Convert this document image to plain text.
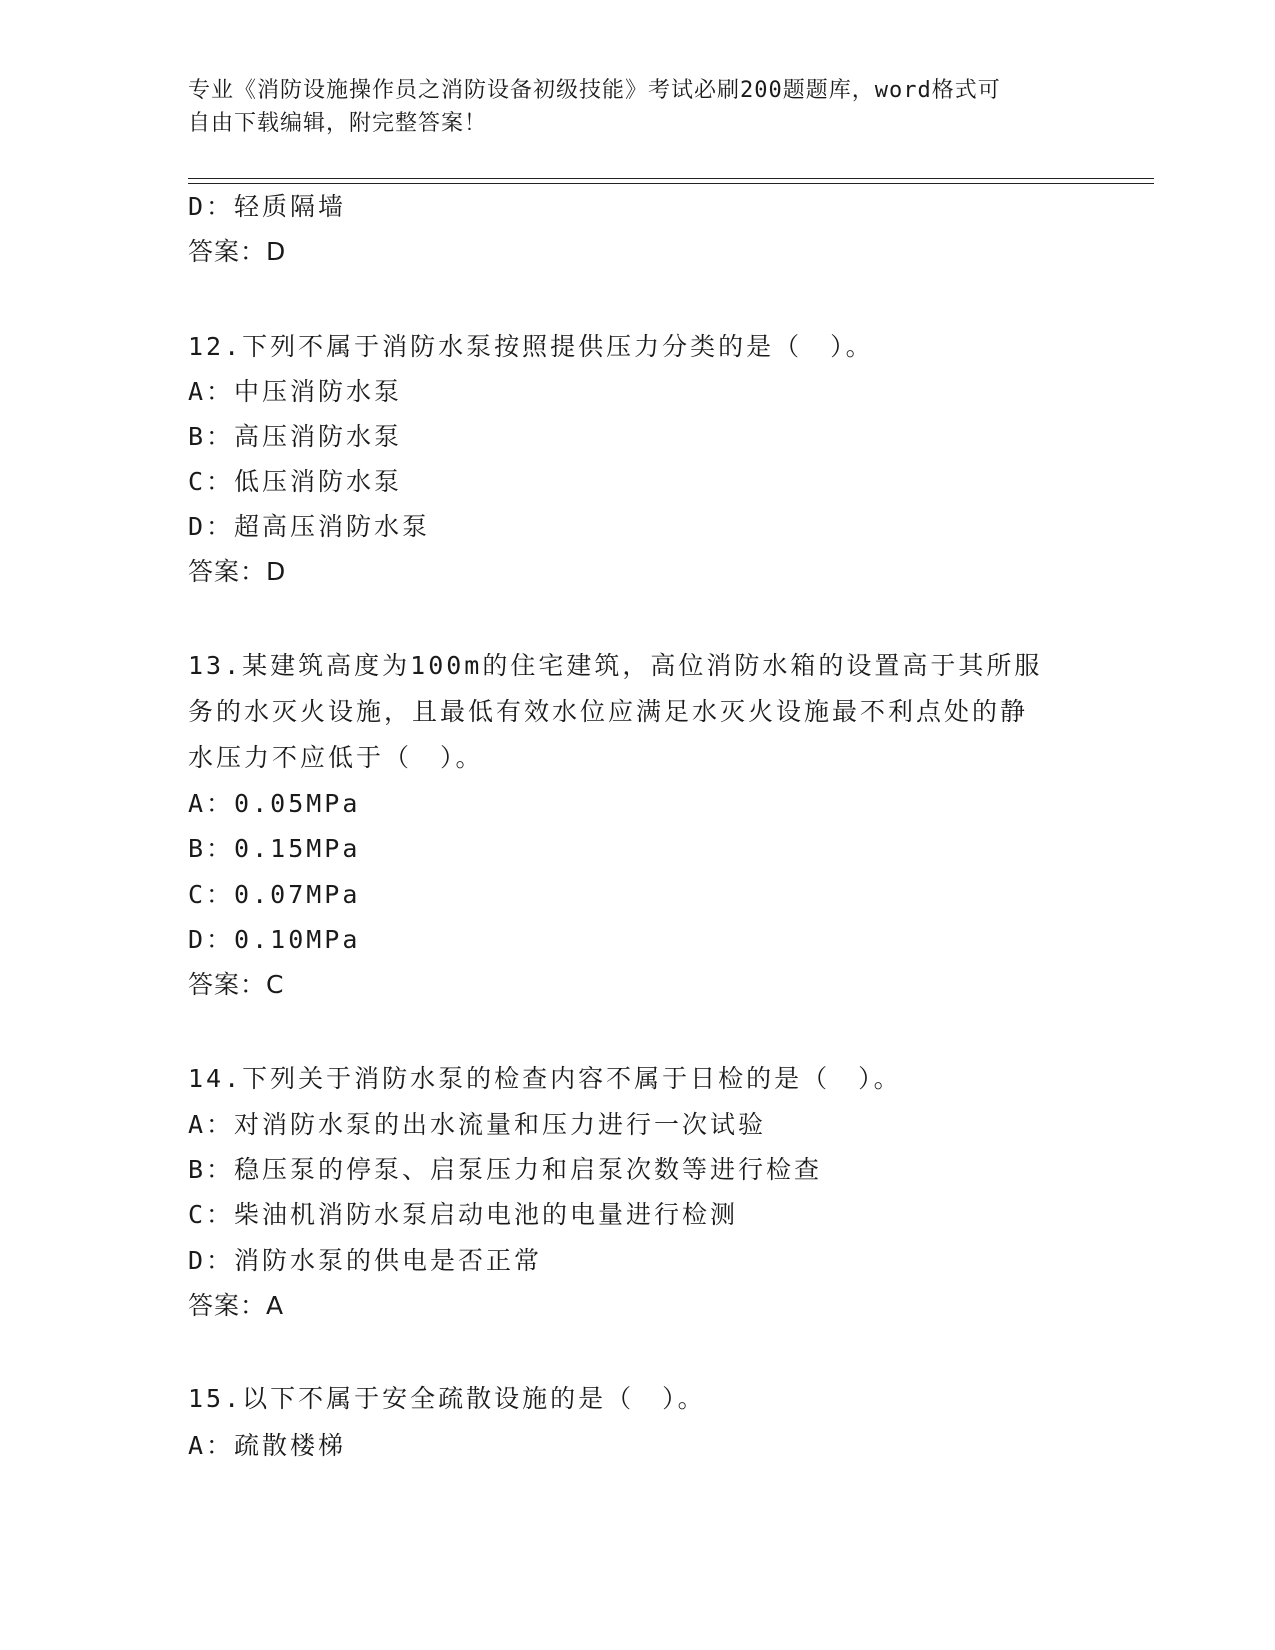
专业《消防设施操作员之消防设备初级技能》考试必刷200题题库，word格式可
自由下载编辑，附完整答案！
D：轻质隔墙
答案：D
12.下列不属于消防水泵按照提供压力分类的是（　）。
A：中压消防水泵
B：高压消防水泵
C：低压消防水泵
D：超高压消防水泵
答案：D
13.某建筑高度为100m的住宅建筑，高位消防水箱的设置高于其所服
务的水灭火设施，且最低有效水位应满足水灭火设施最不利点处的静
水压力不应低于（　）。
A：0.05MPa
B：0.15MPa
C：0.07MPa
D：0.10MPa
答案：C
14.下列关于消防水泵的检查内容不属于日检的是（　）。
A：对消防水泵的出水流量和压力进行一次试验
B：稳压泵的停泵、启泵压力和启泵次数等进行检查
C：柴油机消防水泵启动电池的电量进行检测
D：消防水泵的供电是否正常
答案：A
15.以下不属于安全疏散设施的是（　）。
A：疏散楼梯
